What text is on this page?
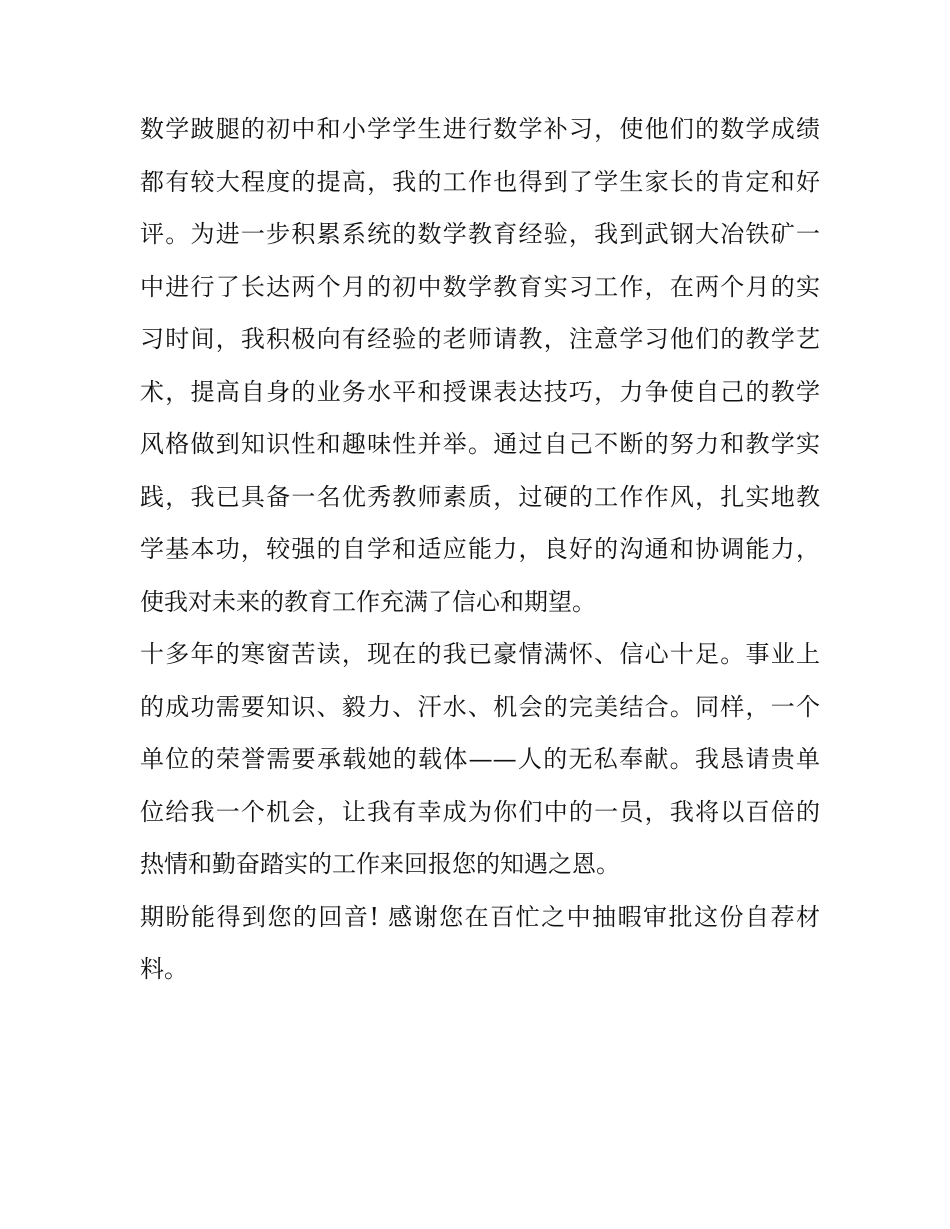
数学跛腿的初中和小学学生进行数学补习，使他们的数学成绩
都有较大程度的提高，我的工作也得到了学生家长的肯定和好
评。为进一步积累系统的数学教育经验，我到武钢大冶铁矿一
中进行了长达两个月的初中数学教育实习工作，在两个月的实
习时间，我积极向有经验的老师请教，注意学习他们的教学艺
术，提高自身的业务水平和授课表达技巧，力争使自己的教学
风格做到知识性和趣味性并举。通过自己不断的努力和教学实
践，我已具备一名优秀教师素质，过硬的工作作风，扎实地教
学基本功，较强的自学和适应能力，良好的沟通和协调能力，
使我对未来的教育工作充满了信心和期望。
十多年的寒窗苦读，现在的我已豪情满怀、信心十足。事业上
的成功需要知识、毅力、汗水、机会的完美结合。同样，一个
单位的荣誉需要承载她的载体——人的无私奉献。我恳请贵单
位给我一个机会，让我有幸成为你们中的一员，我将以百倍的
热情和勤奋踏实的工作来回报您的知遇之恩。
期盼能得到您的回音! 感谢您在百忙之中抽暇审批这份自荐材
料。
